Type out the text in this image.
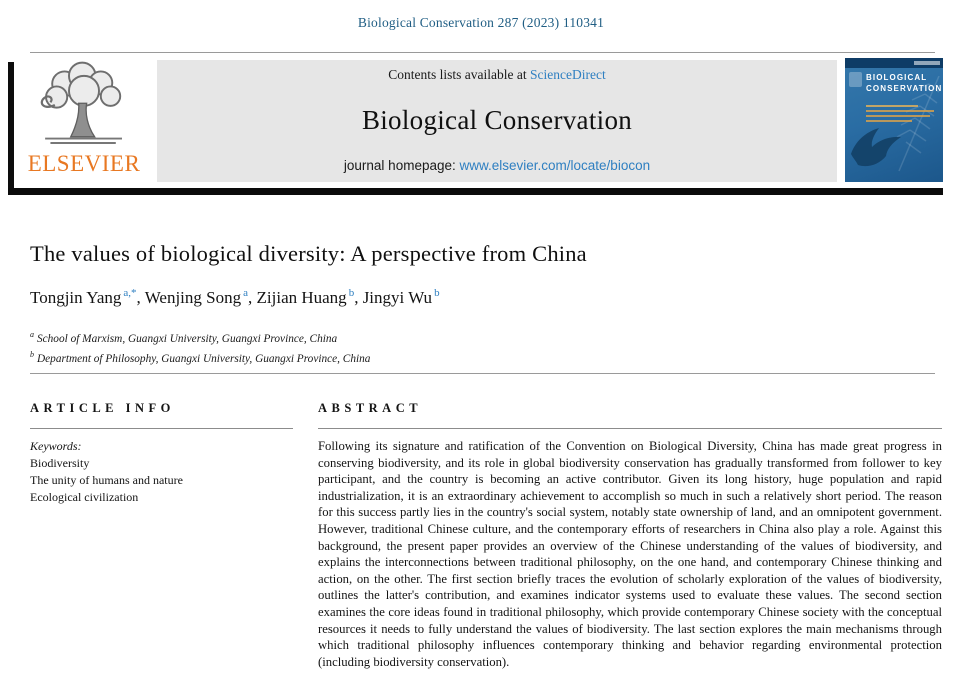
Biological Conservation 287 (2023) 110341
ELSEVIER
Contents lists available at ScienceDirect
Biological Conservation
journal homepage: www.elsevier.com/locate/biocon
BIOLOGICAL
CONSERVATION
The values of biological diversity: A perspective from China
Tongjin Yang $^{a,*}$, Wenjing Song $^a$, Zijian Huang $^b$, Jingyi Wu $^b$
$^a$ School of Marxism, Guangxi University, Guangxi Province, China
$^b$ Department of Philosophy, Guangxi University, Guangxi Province, China
ARTICLE INFO
Keywords:
Biodiversity
The unity of humans and nature
Ecological civilization
ABSTRACT

Following its signature and ratification of the Convention on Biological Diversity, China has made great progress in conserving biodiversity, and its role in global biodiversity conservation has gradually transformed from follower to key participant, and the country is becoming an active contributor. Given its long history, huge population and rapid industrialization, it is an extraordinary achievement to accomplish so much in such a relatively short period. The reason for this success partly lies in the country's social system, notably state ownership of land, and an omnipotent government. However, traditional Chinese culture, and the contemporary efforts of researchers in China also play a role. Against this background, the present paper provides an overview of the Chinese understanding of the values of biodiversity, and explains the interconnections between traditional philosophy, on the one hand, and contemporary Chinese thinking and action, on the other. The first section briefly traces the evolution of scholarly exploration of the values of biodiversity, outlines the latter's contribution, and examines indicator systems used to evaluate these values. The second section examines the core ideas found in traditional philosophy, which provide contemporary Chinese society with the conceptual resources it needs to fully understand the values of biodiversity. The last section explores the main mechanisms through which traditional philosophy influences contemporary thinking and behavior regarding environmental protection (including biodiversity conservation).
